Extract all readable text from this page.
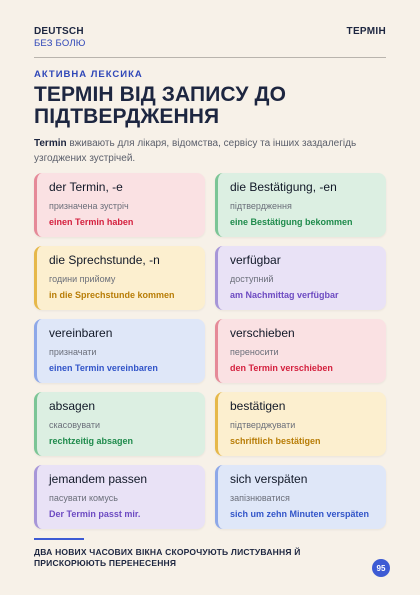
DEUTSCH
БЕЗ БОЛЮ
ТЕРМІН
АКТИВНА ЛЕКСИКА
ТЕРМІН ВІД ЗАПИСУ ДО ПІДТВЕРДЖЕННЯ

Termin вживають для лікаря, відомства, сервісу та інших заздалегідь узгоджених зустрічей.

der Termin, -e
призначена зустріч
einen Termin haben
die Bestätigung, -en
підтвердження
eine Bestätigung bekommen
die Sprechstunde, -n
години прийому
in die Sprechstunde kommen
verfügbar
доступний
am Nachmittag verfügbar
vereinbaren
призначати
einen Termin vereinbaren
verschieben
переносити
den Termin verschieben
absagen
скасовувати
rechtzeitig absagen
bestätigen
підтверджувати
schriftlich bestätigen
jemandem passen
пасувати комусь
Der Termin passt mir.
sich verspäten
запізнюватися
sich um zehn Minuten verspäten
ДВА НОВИХ ЧАСОВИХ ВІКНА СКОРОЧУЮТЬ ЛИСТУВАННЯ Й ПРИСКОРЮЮТЬ ПЕРЕНЕСЕННЯ	95
